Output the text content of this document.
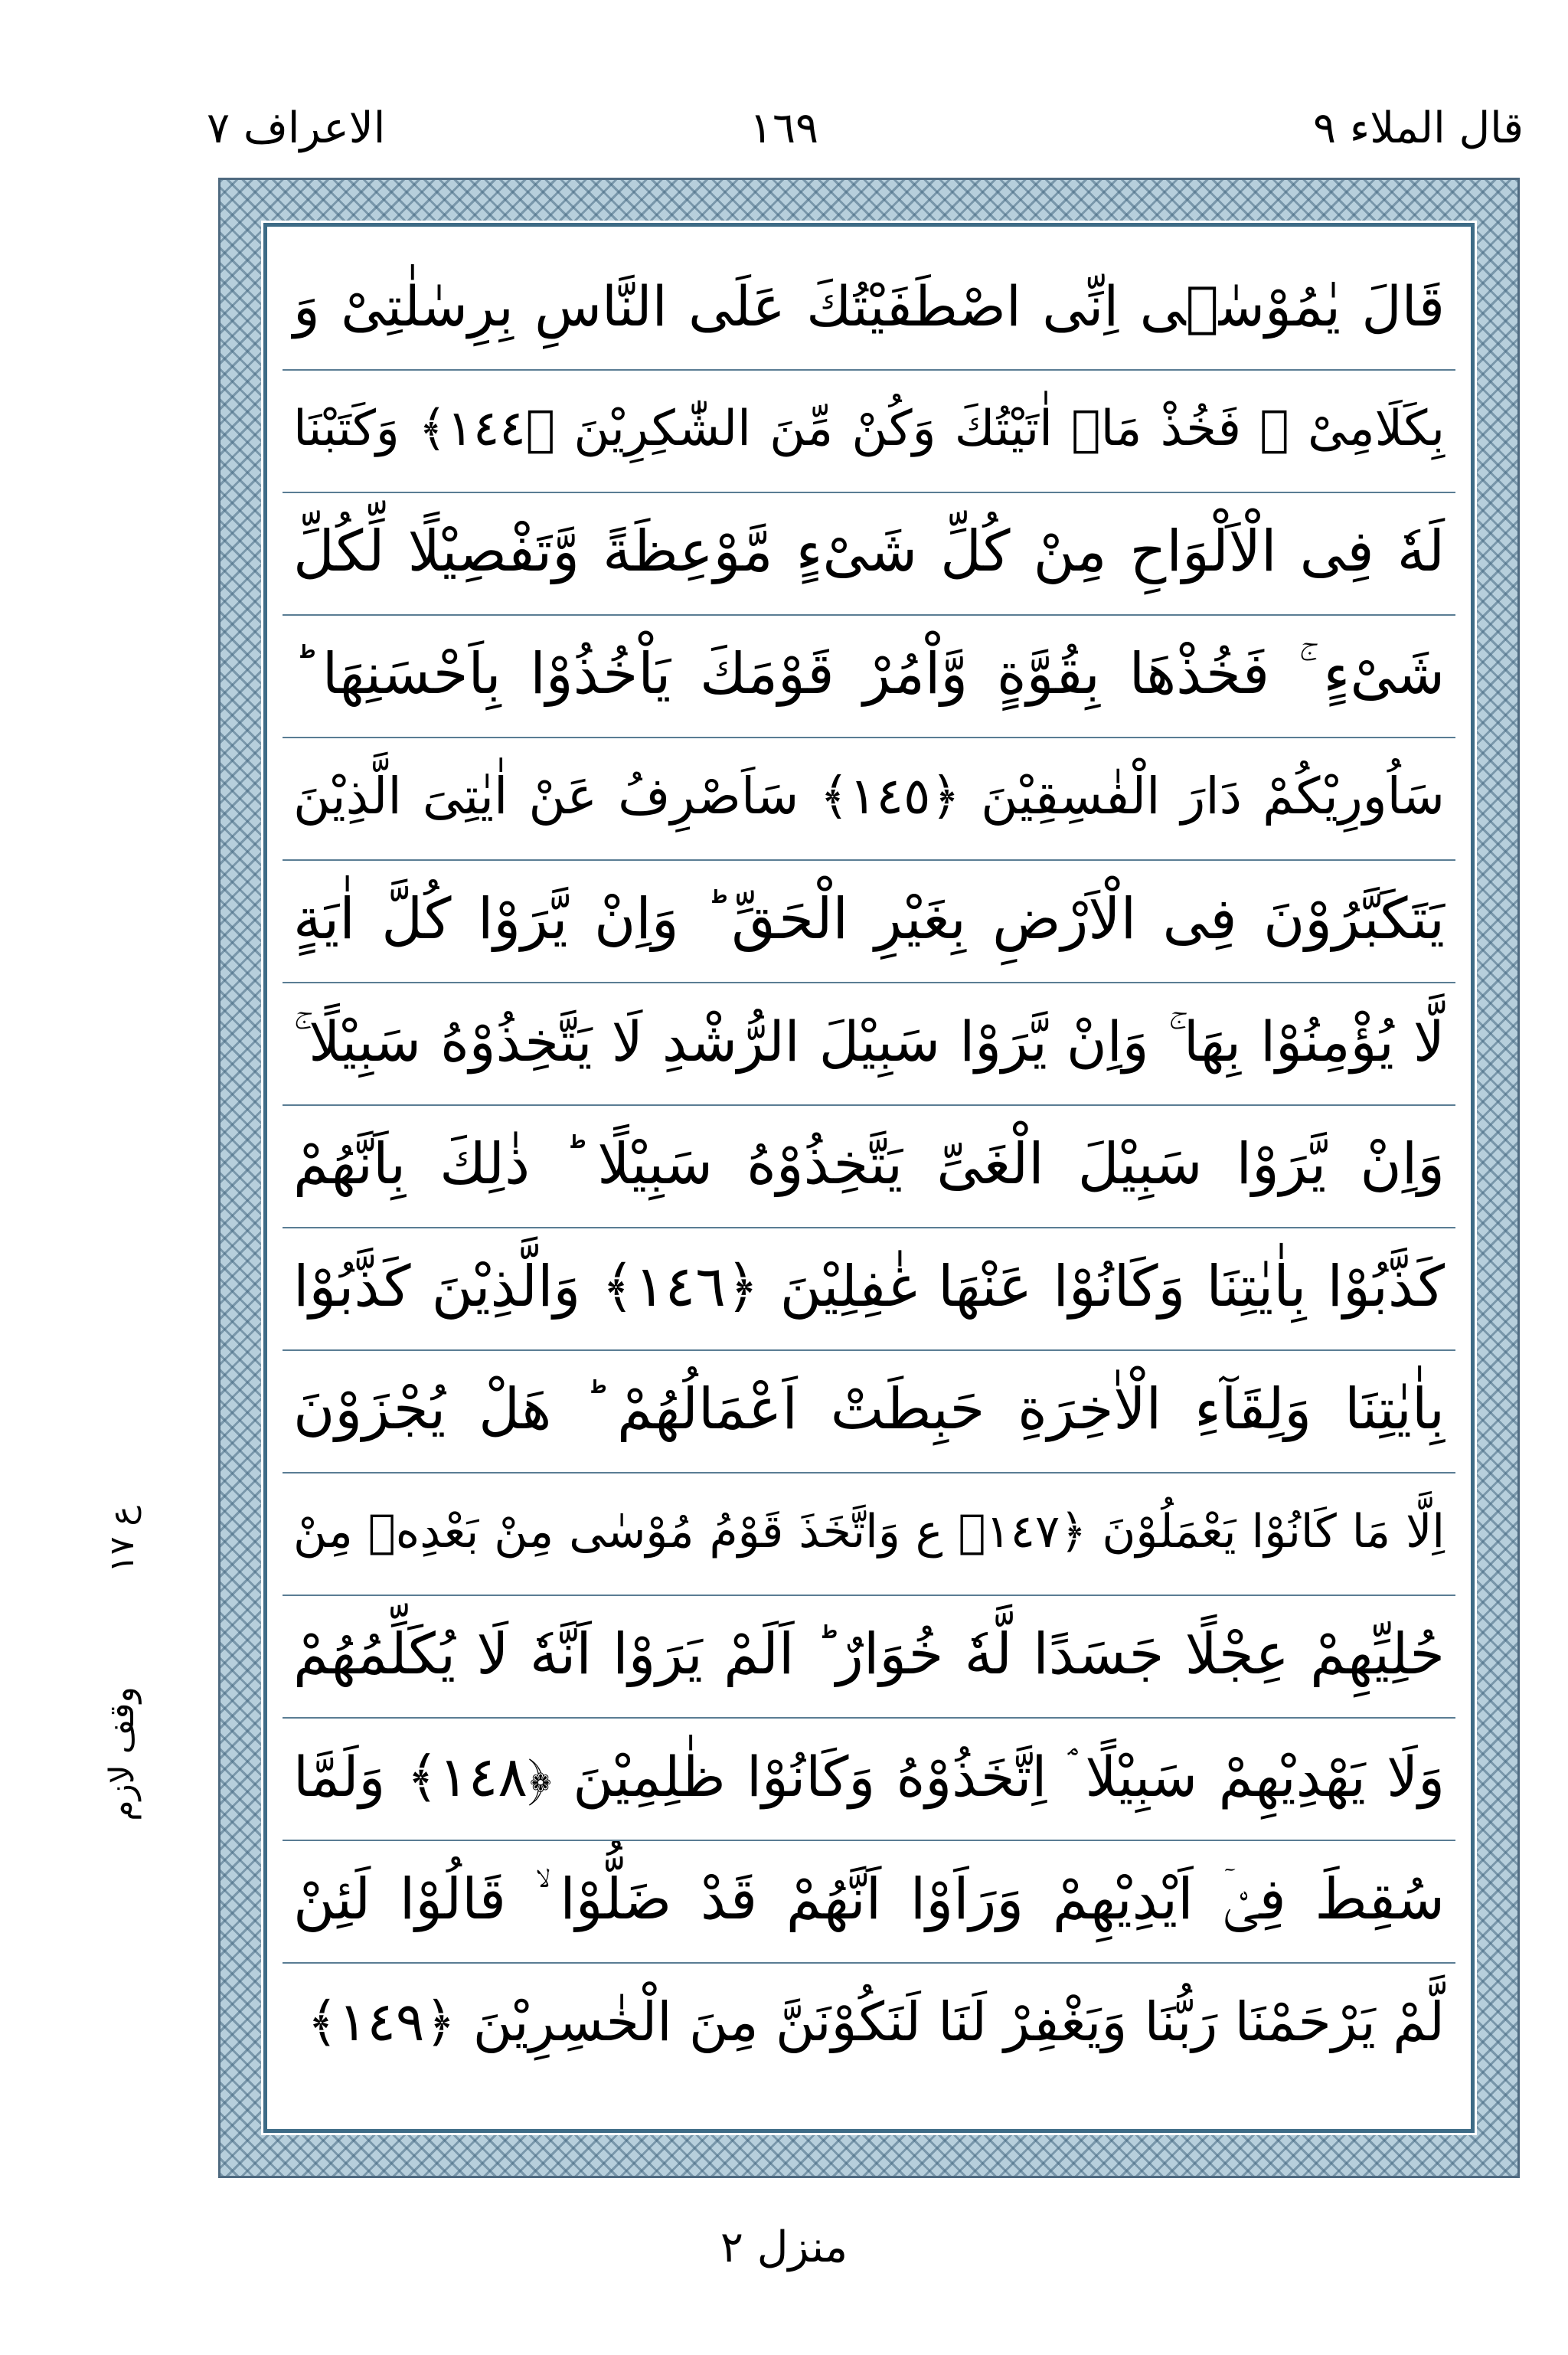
قال الملاء ٩
١٦٩
الاعراف ٧
قَالَ يٰمُوْسٰۤى اِنِّى اصْطَفَيْتُكَ عَلَى النَّاسِ بِرِسٰلٰتِىْ وَ
بِكَلَامِىْ ۖ فَخُذْ مَاۤ اٰتَيْتُكَ وَكُنْ مِّنَ الشّٰكِرِيْنَ ﴿١٤٤﴾ وَكَتَبْنَا
لَهٗ فِى الْاَلْوَاحِ مِنْ كُلِّ شَىْءٍ مَّوْعِظَةً وَّتَفْصِيْلًا لِّكُلِّ
شَىْءٍ ۚ فَخُذْهَا بِقُوَّةٍ وَّاْمُرْ قَوْمَكَ يَاْخُذُوْا بِاَحْسَنِهَا ؕ
سَاُورِيْكُمْ دَارَ الْفٰسِقِيْنَ ﴿١٤٥﴾ سَاَصْرِفُ عَنْ اٰيٰتِىَ الَّذِيْنَ
يَتَكَبَّرُوْنَ فِى الْاَرْضِ بِغَيْرِ الْحَقِّ ؕ وَاِنْ يَّرَوْا كُلَّ اٰيَةٍ
لَّا يُؤْمِنُوْا بِهَا ۚ وَاِنْ يَّرَوْا سَبِيْلَ الرُّشْدِ لَا يَتَّخِذُوْهُ سَبِيْلًا ۚ
وَاِنْ يَّرَوْا سَبِيْلَ الْغَىِّ يَتَّخِذُوْهُ سَبِيْلًا ؕ ذٰلِكَ بِاَنَّهُمْ
كَذَّبُوْا بِاٰيٰتِنَا وَكَانُوْا عَنْهَا غٰفِلِيْنَ ﴿١٤٦﴾ وَالَّذِيْنَ كَذَّبُوْا
بِاٰيٰتِنَا وَلِقَآءِ الْاٰخِرَةِ حَبِطَتْ اَعْمَالُهُمْ ؕ هَلْ يُجْزَوْنَ
اِلَّا مَا كَانُوْا يَعْمَلُوْنَ ﴿١٤٧﴾ ع وَاتَّخَذَ قَوْمُ مُوْسٰى مِنْ بَعْدِهٖ مِنْ
حُلِيِّهِمْ عِجْلًا جَسَدًا لَّهٗ خُوَارٌ ؕ اَلَمْ يَرَوْا اَنَّهٗ لَا يُكَلِّمُهُمْ
وَلَا يَهْدِيْهِمْ سَبِيْلًا ۘ اِتَّخَذُوْهُ وَكَانُوْا ظٰلِمِيْنَ ﴿١٤٨﴾ وَلَمَّا
سُقِطَ فِىْۤ اَيْدِيْهِمْ وَرَاَوْا اَنَّهُمْ قَدْ ضَلُّوْا ۙ قَالُوْا لَئِنْ
لَّمْ يَرْحَمْنَا رَبُّنَا وَيَغْفِرْ لَنَا لَنَكُوْنَنَّ مِنَ الْخٰسِرِيْنَ ﴿١٤٩﴾
ع ١٧
وقف لازم
منزل ٢
